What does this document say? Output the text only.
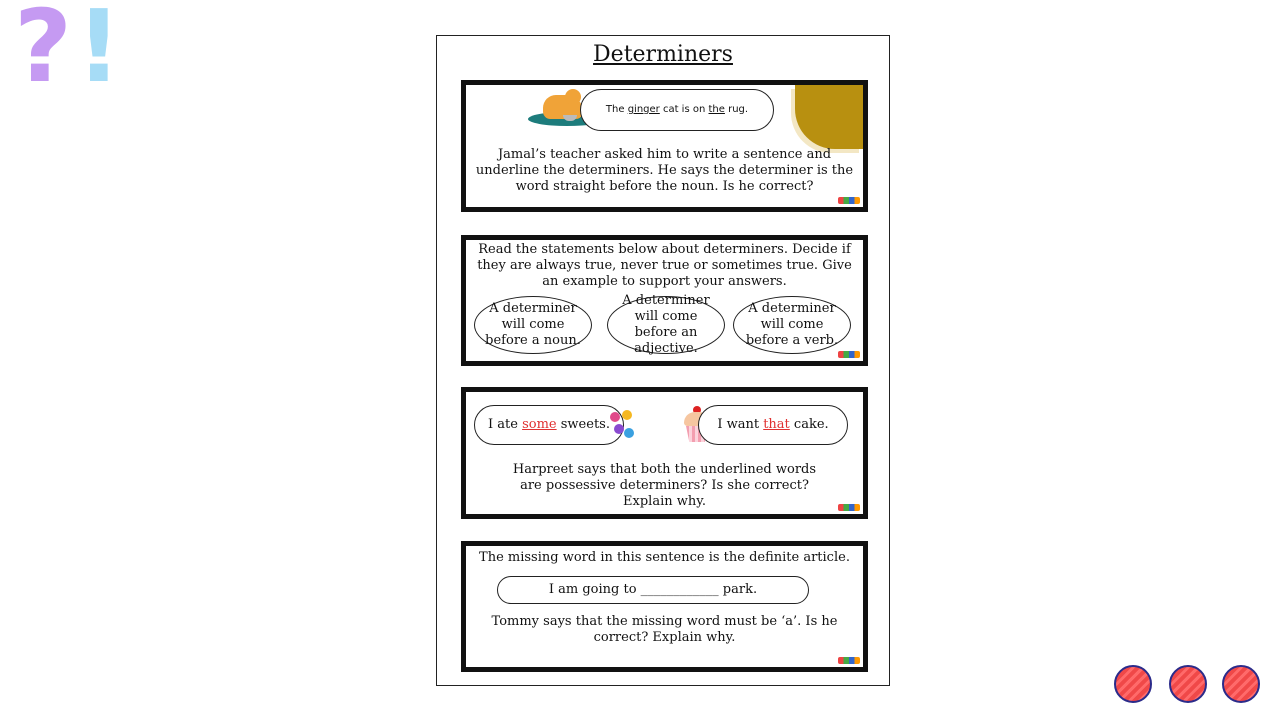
? !	Determiners
The ginger cat is on the rug.
Jamal’s teacher asked him to write a sentence and underline the determiners. He says the determiner is the word straight before the noun. Is he correct?
Read the statements below about determiners. Decide if they are always true, never true or sometimes true. Give an example to support your answers.
A determiner will come before a noun.
A determiner will come before an adjective.
A determiner will come before a verb.
I ate some sweets.	I want that cake.
Harpreet says that both the underlined words are possessive determiners? Is she correct? Explain why.
The missing word in this sentence is the definite article.
I am going to ____________ park.
Tommy says that the missing word must be ‘a’. Is he correct? Explain why.
